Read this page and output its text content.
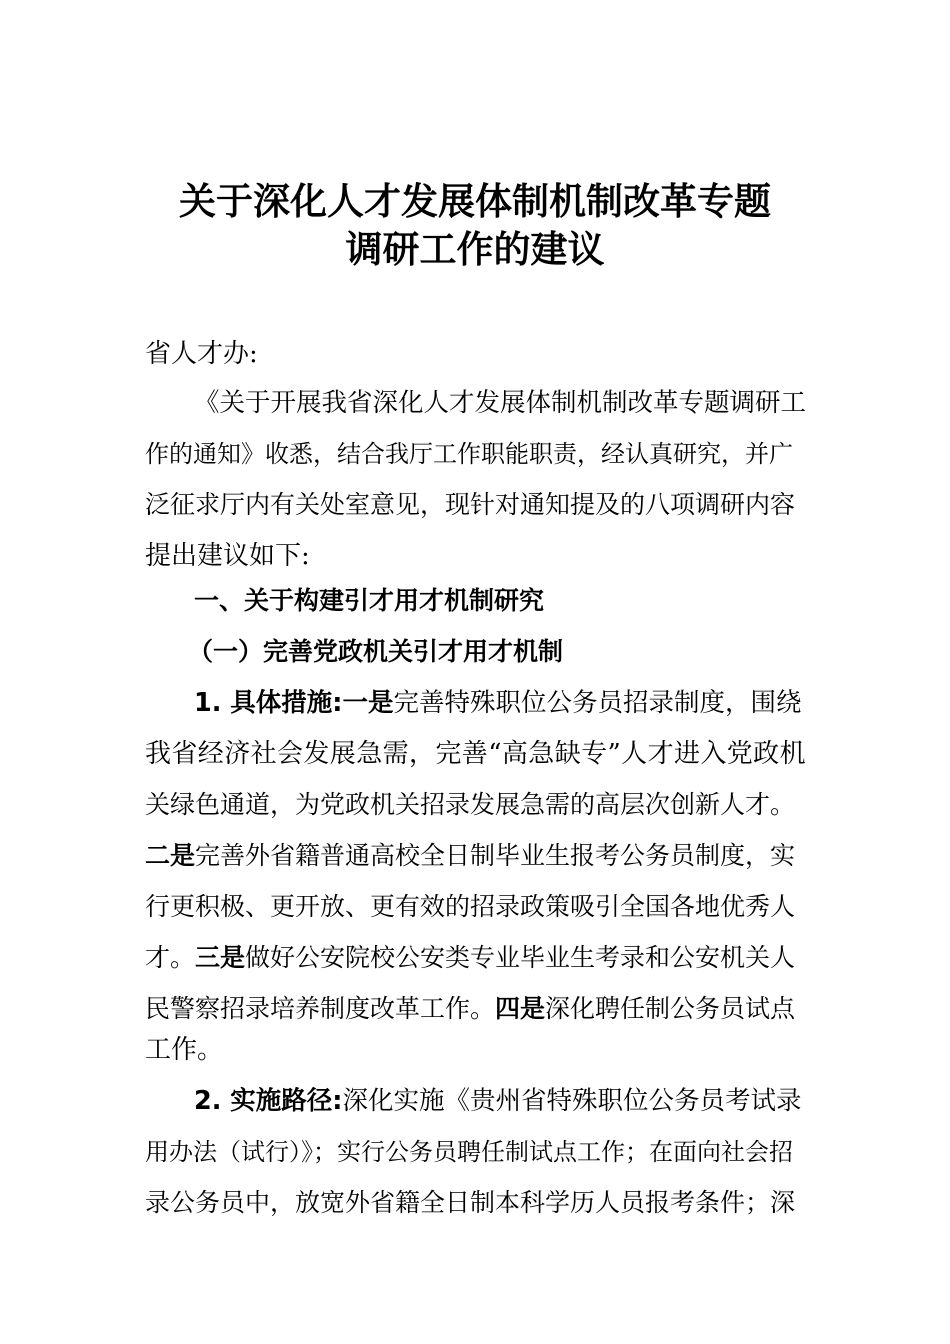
关于深化人才发展体制机制改革专题
调研工作的建议
省人才办:
《关于开展我省深化人才发展体制机制改革专题调研工
作的通知》收悉，结合我厅工作职能职责，经认真研究，并广
泛征求厅内有关处室意见，现针对通知提及的八项调研内容
提出建议如下:
一、关于构建引才用才机制研究
（一）完善党政机关引才用才机制
1. 具体措施:一是完善特殊职位公务员招录制度，围绕
我省经济社会发展急需，完善“高急缺专”人才进入党政机
关绿色通道，为党政机关招录发展急需的高层次创新人才。
二是完善外省籍普通高校全日制毕业生报考公务员制度，实
行更积极、更开放、更有效的招录政策吸引全国各地优秀人
才。三是做好公安院校公安类专业毕业生考录和公安机关人
民警察招录培养制度改革工作。四是深化聘任制公务员试点
工作。
2. 实施路径:深化实施《贵州省特殊职位公务员考试录
用办法（试行）》；实行公务员聘任制试点工作；在面向社会招
录公务员中，放宽外省籍全日制本科学历人员报考条件；深
